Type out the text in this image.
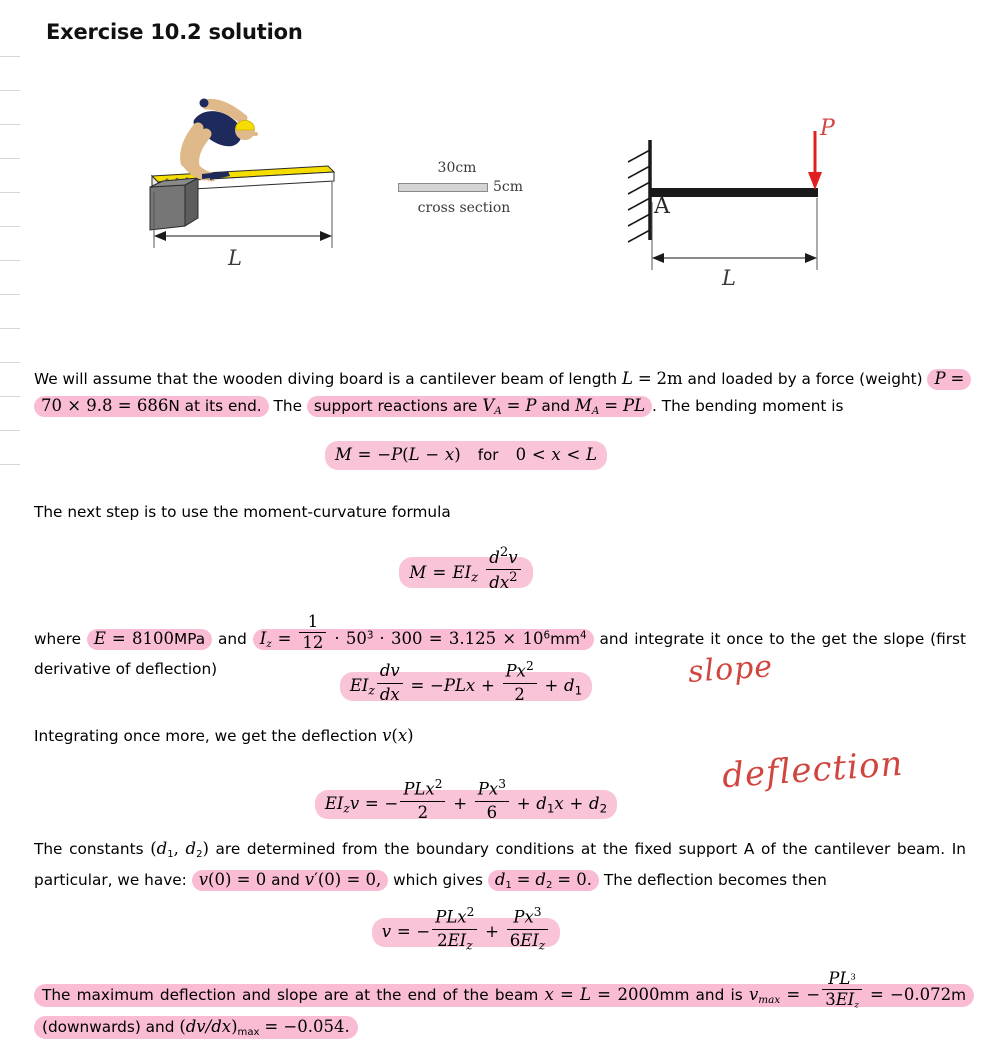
Exercise 10.2 solution
L
30cm
5cm
cross section	A
P
L
We will assume that the wooden diving board is a cantilever beam of length L = 2m and loaded by a force (weight) P = 70 × 9.8 = 686N at its end. The support reactions are $V_A = P$ and $M_A$ = PL . The bending moment is
M = −P(L − x) for 0 < x < L
The next step is to use the moment-curvature formula
$M = EI_z \frac{d^2v}{dx^2}$
where E = 8100MPa and $I_z = \frac{1}{12} \cdot 50^3 \cdot 300 = 3.125 \times 10^6mm^4$ and integrate it once to the get the slope (first derivative of deflection)
$EI_z \frac{dv}{dx} = -PLx + \frac{Px^2}{2} + d1$
slope
Integrating once more, we get the deflection v(x)
$EI_zv$ = − $\frac{PLx^2}{2} + \frac{Px^3}{6} + d1x + d2$
deflection
The constants (d1, d2) are determined from the boundary conditions at the fixed support A of the cantilever beam. In particular, we have: v(0) = 0 and v′(0) = 0, which gives d1 = d2 = 0. The deflection becomes then
v = − $\frac{PLx^2}{2EI_z} + \frac{Px^3}{6EI_z}$
The maximum deflection and slope are at the end of the beam x = L = 2000mm and is $v_{max}$ = − $\frac{PL^3}{3EI_z} = -0.072m$ (downwards) and (dv/dx)max = −0.054.
